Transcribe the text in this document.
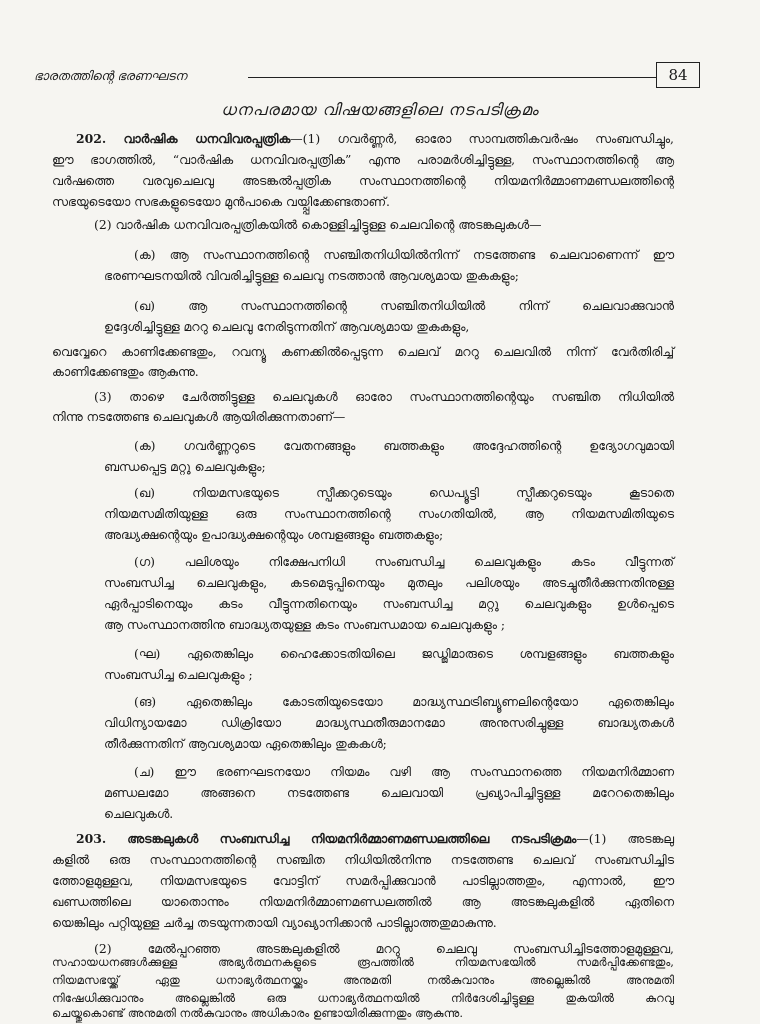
ഭാരതത്തിന്റെ ഭരണഘടന	84
ധനപരമായ വിഷയങ്ങളിലെ നടപടിക്രമം
202. വാർഷിക ധനവിവരപ്പത്രിക—(1) ഗവർണ്ണർ, ഓരോ സാമ്പത്തികവർഷം സംബന്ധിച്ചും,
ഈ ഭാഗത്തിൽ, “വാർഷിക ധനവിവരപ്പത്രിക” എന്നു പരാമർശിച്ചിട്ടുള്ള, സംസ്ഥാനത്തിന്റെ ആ
വർഷത്തെ വരവുചെലവു അടങ്കൽപ്പത്രിക സംസ്ഥാനത്തിന്റെ നിയമനിർമ്മാണമണ്ഡലത്തിന്റെ
സഭയുടെയോ സഭകളുടെയോ മുൻപാകെ വയ്പ്പിക്കേണ്ടതാണ്.
(2) വാർഷിക ധനവിവരപ്പത്രികയിൽ കൊള്ളിച്ചിട്ടുള്ള ചെലവിന്റെ അടങ്കലുകൾ—
(ക) ആ സംസ്ഥാനത്തിന്റെ സഞ്ചിതനിധിയിൽനിന്ന് നടത്തേണ്ട ചെലവാണെന്ന് ഈ
ഭരണഘടനയിൽ വിവരിച്ചിട്ടുള്ള ചെലവു നടത്താൻ ആവശ്യമായ തുകകളും;
(ഖ) ആ സംസ്ഥാനത്തിന്റെ സഞ്ചിതനിധിയിൽ നിന്ന് ചെലവാക്കുവാൻ
ഉദ്ദേശിച്ചിട്ടുള്ള മററു ചെലവു നേരിടുന്നതിന് ആവശ്യമായ തുകകളും,
വെവ്വേറെ കാണിക്കേണ്ടതും, റവന്യൂ കണക്കിൽപ്പെടുന്ന ചെലവ് മററു ചെലവിൽ നിന്ന് വേർതിരിച്ച്
കാണിക്കേണ്ടതും ആകുന്നു.
(3) താഴെ ചേർത്തിട്ടുള്ള ചെലവുകൾ ഓരോ സംസ്ഥാനത്തിന്റെയും സഞ്ചിത നിധിയിൽ
നിന്നു നടത്തേണ്ട ചെലവുകൾ ആയിരിക്കുന്നതാണ്—
(ക) ഗവർണ്ണറുടെ വേതനങ്ങളും ബത്തകളും അദ്ദേഹത്തിന്റെ ഉദ്യോഗവുമായി
ബന്ധപ്പെട്ട മറ്റു ചെലവുകളും;
(ഖ) നിയമസഭയുടെ സ്പീക്കറുടെയും ഡെപ്യൂട്ടി സ്പീക്കറുടെയും കൂടാതെ
നിയമസമിതിയുള്ള ഒരു സംസ്ഥാനത്തിന്റെ സംഗതിയിൽ, ആ നിയമസമിതിയുടെ
അദ്ധ്യക്ഷന്റെയും ഉപാദ്ധ്യക്ഷന്റെയും ശമ്പളങ്ങളും ബത്തകളും;
(ഗ) പലിശയും നിക്ഷേപനിധി സംബന്ധിച്ച ചെലവുകളും കടം വീട്ടുന്നത്
സംബന്ധിച്ച ചെലവുകളും, കടമെടുപ്പിനെയും മുതലും പലിശയും അടച്ചുതീർക്കുന്നതിനുള്ള
ഏർപ്പാടിനെയും കടം വീട്ടുന്നതിനെയും സംബന്ധിച്ച മറ്റു ചെലവുകളും ഉൾപ്പെടെ
ആ സംസ്ഥാനത്തിനു ബാദ്ധ്യതയുള്ള കടം സംബന്ധമായ ചെലവുകളും ;
(ഘ) ഏതെങ്കിലും ഹൈക്കോടതിയിലെ ജഡ്ജിമാരുടെ ശമ്പളങ്ങളും ബത്തകളും
സംബന്ധിച്ച ചെലവുകളും ;
(ങ) ഏതെങ്കിലും കോടതിയുടെയോ മാദ്ധ്യസ്ഥട്രിബ്യൂണലിന്റെയോ ഏതെങ്കിലും
വിധിന്യായമോ ഡിക്രിയോ മാദ്ധ്യസ്ഥതീരുമാനമോ അനുസരിച്ചുള്ള ബാദ്ധ്യതകൾ
തീർക്കുന്നതിന് ആവശ്യമായ ഏതെങ്കിലും തുകകൾ;
(ച) ഈ ഭരണഘടനയോ നിയമം വഴി ആ സംസ്ഥാനത്തെ നിയമനിർമ്മാണ
മണ്ഡലമോ അങ്ങനെ നടത്തേണ്ട ചെലവായി പ്രഖ്യാപിച്ചിട്ടുള്ള മറേറതെങ്കിലും
ചെലവുകൾ.
203. അടങ്കലുകൾ സംബന്ധിച്ച നിയമനിർമ്മാണമണ്ഡലത്തിലെ നടപടിക്രമം—(1) അടങ്കലു
കളിൽ ഒരു സംസ്ഥാനത്തിന്റെ സഞ്ചിത നിധിയിൽനിന്നു നടത്തേണ്ട ചെലവ് സംബന്ധിച്ചിട
ത്തോളമുള്ളവ, നിയമസഭയുടെ വോട്ടിന് സമർപ്പിക്കുവാൻ പാടില്ലാത്തതും, എന്നാൽ, ഈ
ഖണ്ഡത്തിലെ യാതൊന്നും നിയമനിർമ്മാണമണ്ഡലത്തിൽ ആ അടങ്കലുകളിൽ ഏതിനെ
യെങ്കിലും പറ്റിയുള്ള ചർച്ച തടയുന്നതായി വ്യാഖ്യാനിക്കാൻ പാടില്ലാത്തതുമാകുന്നു.
(2) മേൽപ്പറഞ്ഞ അടങ്കലുകളിൽ മററു ചെലവു സംബന്ധിച്ചിടത്തോളമുള്ളവ,
സഹായധനങ്ങൾക്കുള്ള അഭ്യർത്ഥനകളുടെ രൂപത്തിൽ നിയമസഭയിൽ സമർപ്പിക്കേണ്ടതും,
നിയമസഭയ്ക്ക് ഏതു ധനാഭ്യർത്ഥനയ്ക്കും അനുമതി നൽകുവാനും അല്ലെങ്കിൽ അനുമതി
നിഷേധിക്കുവാനും അല്ലെങ്കിൽ ഒരു ധനാഭ്യർത്ഥനയിൽ നിർദേശിച്ചിട്ടുള്ള തുകയിൽ കുറവു
ചെയ്തുകൊണ്ട് അനുമതി നൽകുവാനും അധികാരം ഉണ്ടായിരിക്കുന്നതും ആകുന്നു.
